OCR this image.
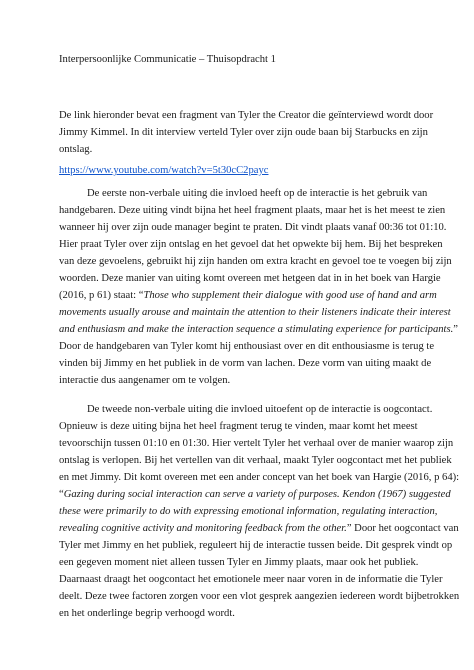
Interpersoonlijke Communicatie – Thuisopdracht 1
De link hieronder bevat een fragment van Tyler the Creator die geïnterviewd wordt door
Jimmy Kimmel. In dit interview verteld Tyler over zijn oude baan bij Starbucks en zijn
ontslag.
https://www.youtube.com/watch?v=5t30cC2payc
De eerste non-verbale uiting die invloed heeft op de interactie is het gebruik van
handgebaren. Deze uiting vindt bijna het heel fragment plaats, maar het is het meest te zien
wanneer hij over zijn oude manager begint te praten. Dit vindt plaats vanaf 00:36 tot 01:10.
Hier praat Tyler over zijn ontslag en het gevoel dat het opwekte bij hem. Bij het bespreken
van deze gevoelens, gebruikt hij zijn handen om extra kracht en gevoel toe te voegen bij zijn
woorden. Deze manier van uiting komt overeen met hetgeen dat in in het boek van Hargie
(2016, p 61) staat: “Those who supplement their dialogue with good use of hand and arm
movements usually arouse and maintain the attention to their listeners indicate their interest
and enthusiasm and make the interaction sequence a stimulating experience for participants.”
Door de handgebaren van Tyler komt hij enthousiast over en dit enthousiasme is terug te
vinden bij Jimmy en het publiek in de vorm van lachen. Deze vorm van uiting maakt de
interactie dus aangenamer om te volgen.
De tweede non-verbale uiting die invloed uitoefent op de interactie is oogcontact.
Opnieuw is deze uiting bijna het heel fragment terug te vinden, maar komt het meest
tevoorschijn tussen 01:10 en 01:30. Hier vertelt Tyler het verhaal over de manier waarop zijn
ontslag is verlopen. Bij het vertellen van dit verhaal, maakt Tyler oogcontact met het publiek
en met Jimmy. Dit komt overeen met een ander concept van het boek van Hargie (2016, p 64):
“Gazing during social interaction can serve a variety of purposes. Kendon (1967) suggested
these were primarily to do with expressing emotional information, regulating interaction,
revealing cognitive activity and monitoring feedback from the other.” Door het oogcontact van
Tyler met Jimmy en het publiek, reguleert hij de interactie tussen beide. Dit gesprek vindt op
een gegeven moment niet alleen tussen Tyler en Jimmy plaats, maar ook het publiek.
Daarnaast draagt het oogcontact het emotionele meer naar voren in de informatie die Tyler
deelt. Deze twee factoren zorgen voor een vlot gesprek aangezien iedereen wordt bijbetrokken
en het onderlinge begrip verhoogd wordt.
